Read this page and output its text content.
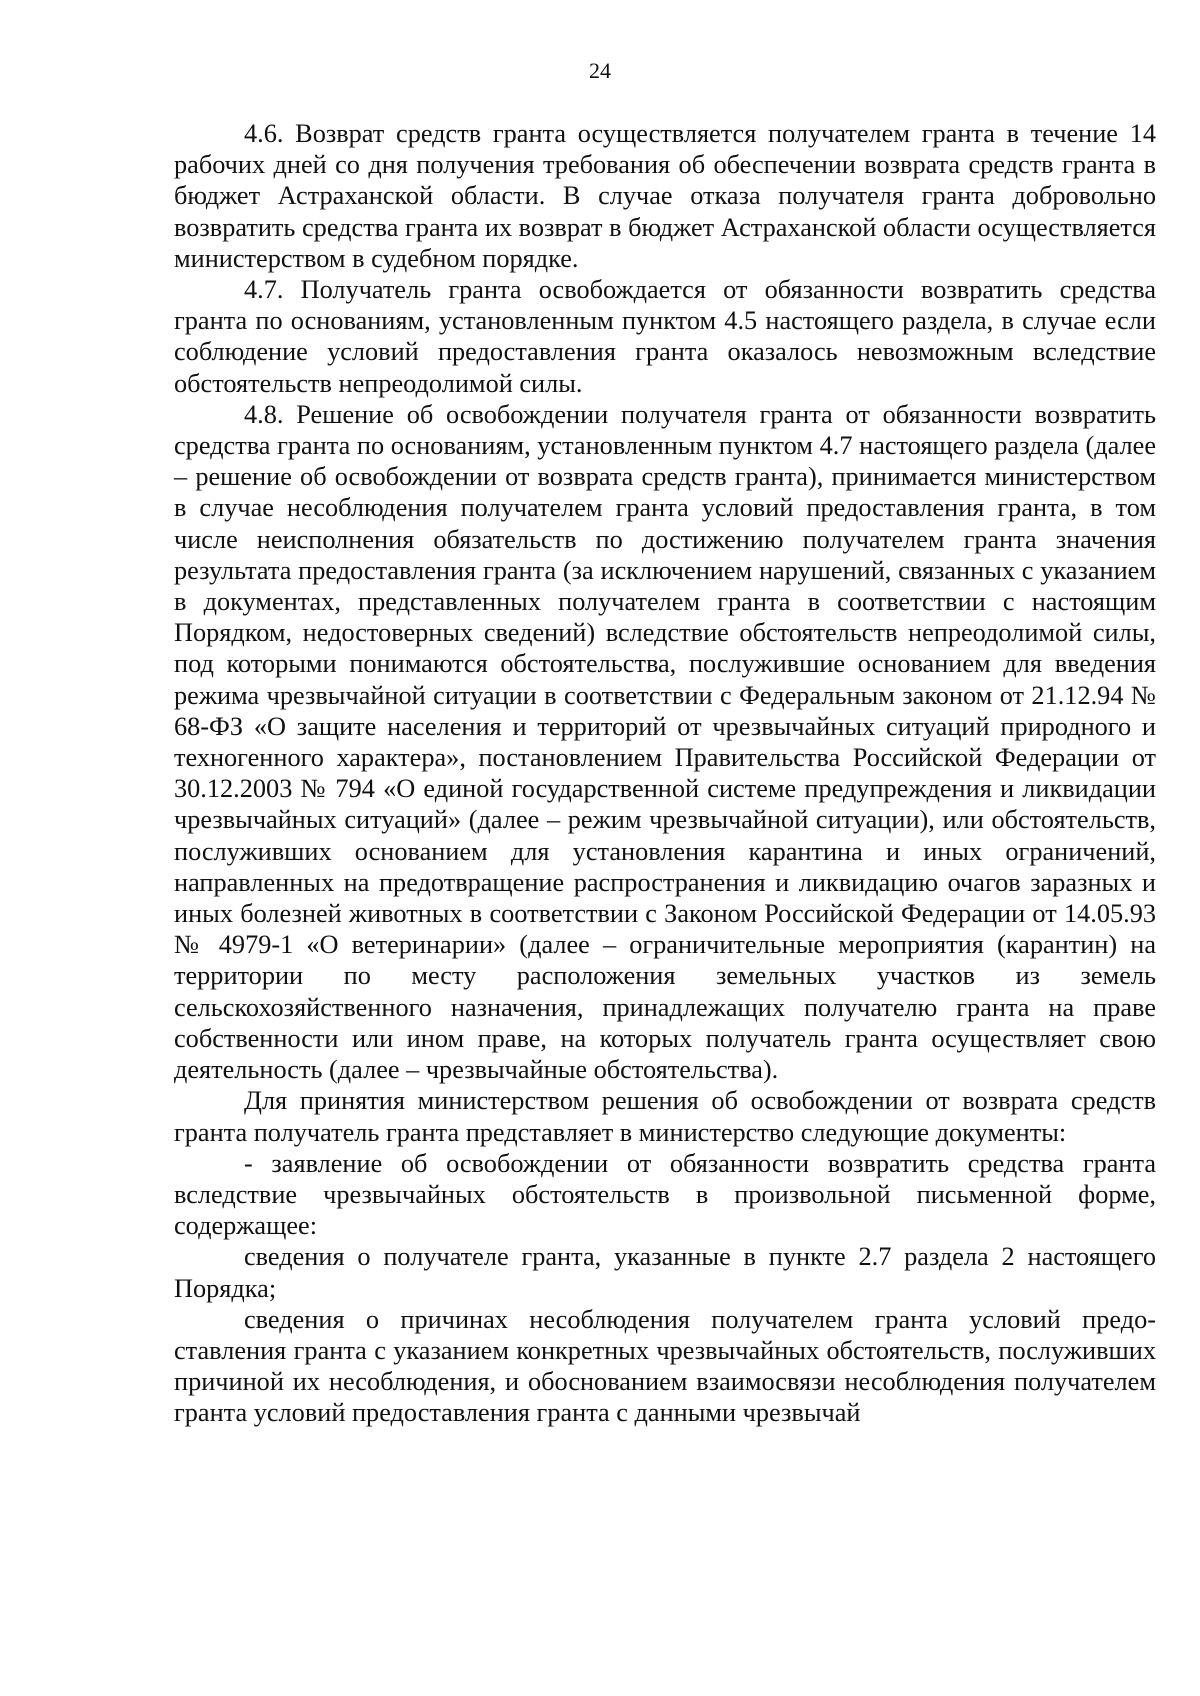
24

4.6. Возврат средств гранта осуществляется получателем гранта в течение 14 рабочих дней со дня получения требования об обеспечении возврата средств гранта в бюджет Астраханской области. В случае отказа получателя гранта добровольно возвратить средства гранта их возврат в бюджет Астраханской области осуществляется министерством в судебном порядке.

4.7. Получатель гранта освобождается от обязанности возвратить средства гранта по основаниям, установленным пунктом 4.5 настоящего раздела, в случае если соблюдение условий предоставления гранта оказалось невозможным вследствие обстоятельств непреодолимой силы.

4.8. Решение об освобождении получателя гранта от обязанности возвратить средства гранта по основаниям, установленным пунктом 4.7 настоящего раздела (далее – решение об освобождении от возврата средств гранта), принимается министерством в случае несоблюдения получателем гранта условий предоставления гранта, в том числе неисполнения обязательств по достижению получателем гранта значения результата предоставления гранта (за исключением нарушений, связанных с указанием в документах, представленных получателем гранта в соответствии с настоящим Порядком, недостоверных сведений) вследствие обстоятельств непреодолимой силы, под которыми понимаются обстоятельства, послужившие основанием для введения режима чрезвычайной ситуации в соответствии с Федеральным законом от 21.12.94 № 68-ФЗ «О защите населения и территорий от чрезвычайных ситуаций природного и техногенного характера», постановлением Правительства Российской Федерации от 30.12.2003 № 794 «О единой государственной системе предупреждения и ликвидации чрезвычайных ситуаций» (далее – режим чрезвычайной ситуации), или обстоятельств, послуживших основанием для установления карантина и иных ограничений, направленных на предотвращение распространения и ликвидацию очагов заразных и иных болезней животных в соответствии с Законом Российской Федерации от 14.05.93 № 4979-1 «О ветеринарии» (далее – ограничительные мероприятия (карантин) на территории по месту расположения земельных участков из земель сельскохозяйственного назначения, принадлежащих получателю гранта на праве собственности или ином праве, на которых получатель гранта осуществляет свою деятельность (далее – чрезвычайные обстоятельства).

Для принятия министерством решения об освобождении от возврата средств гранта получатель гранта представляет в министерство следующие документы:

- заявление об освобождении от обязанности возвратить средства гранта вследствие чрезвычайных обстоятельств в произвольной письменной форме, содержащее:

сведения о получателе гранта, указанные в пункте 2.7 раздела 2 настоящего Порядка;

сведения о причинах несоблюдения получателем гранта условий предоставления гранта с указанием конкретных чрезвычайных обстоятельств, послуживших причиной их несоблюдения, и обоснованием взаимосвязи несоблюдения получателем гранта условий предоставления гранта с данными чрезвычай
